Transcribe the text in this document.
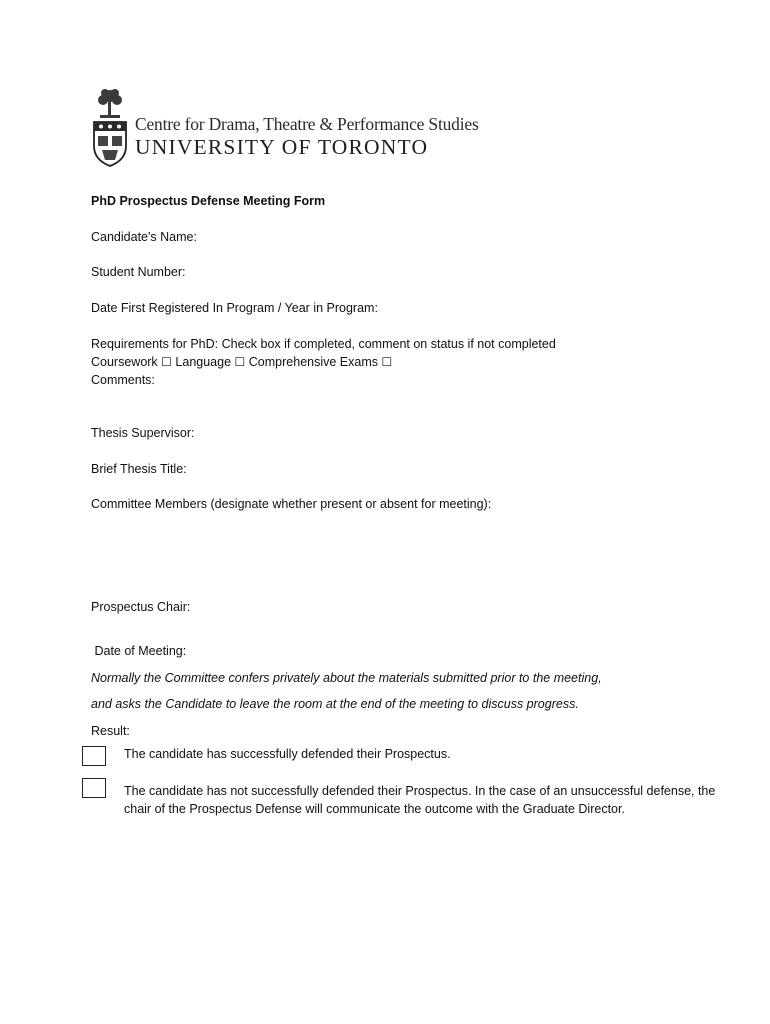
Centre for Drama, Theatre & Performance Studies
UNIVERSITY OF TORONTO
PhD Prospectus Defense Meeting Form
Candidate's Name:
Student Number:
Date First Registered In Program / Year in Program:
Requirements for PhD: Check box if completed, comment on status if not completed
Coursework ☐ Language ☐ Comprehensive Exams ☐
Comments:
Thesis Supervisor:
Brief Thesis Title:
Committee Members (designate whether present or absent for meeting):
Prospectus Chair:
Date of Meeting:
Normally the Committee confers privately about the materials submitted prior to the meeting,
and asks the Candidate to leave the room at the end of the meeting to discuss progress.
Result:
The candidate has successfully defended their Prospectus.
The candidate has not successfully defended their Prospectus. In the case of an unsuccessful defense, the chair of the Prospectus Defense will communicate the outcome with the Graduate Director.
